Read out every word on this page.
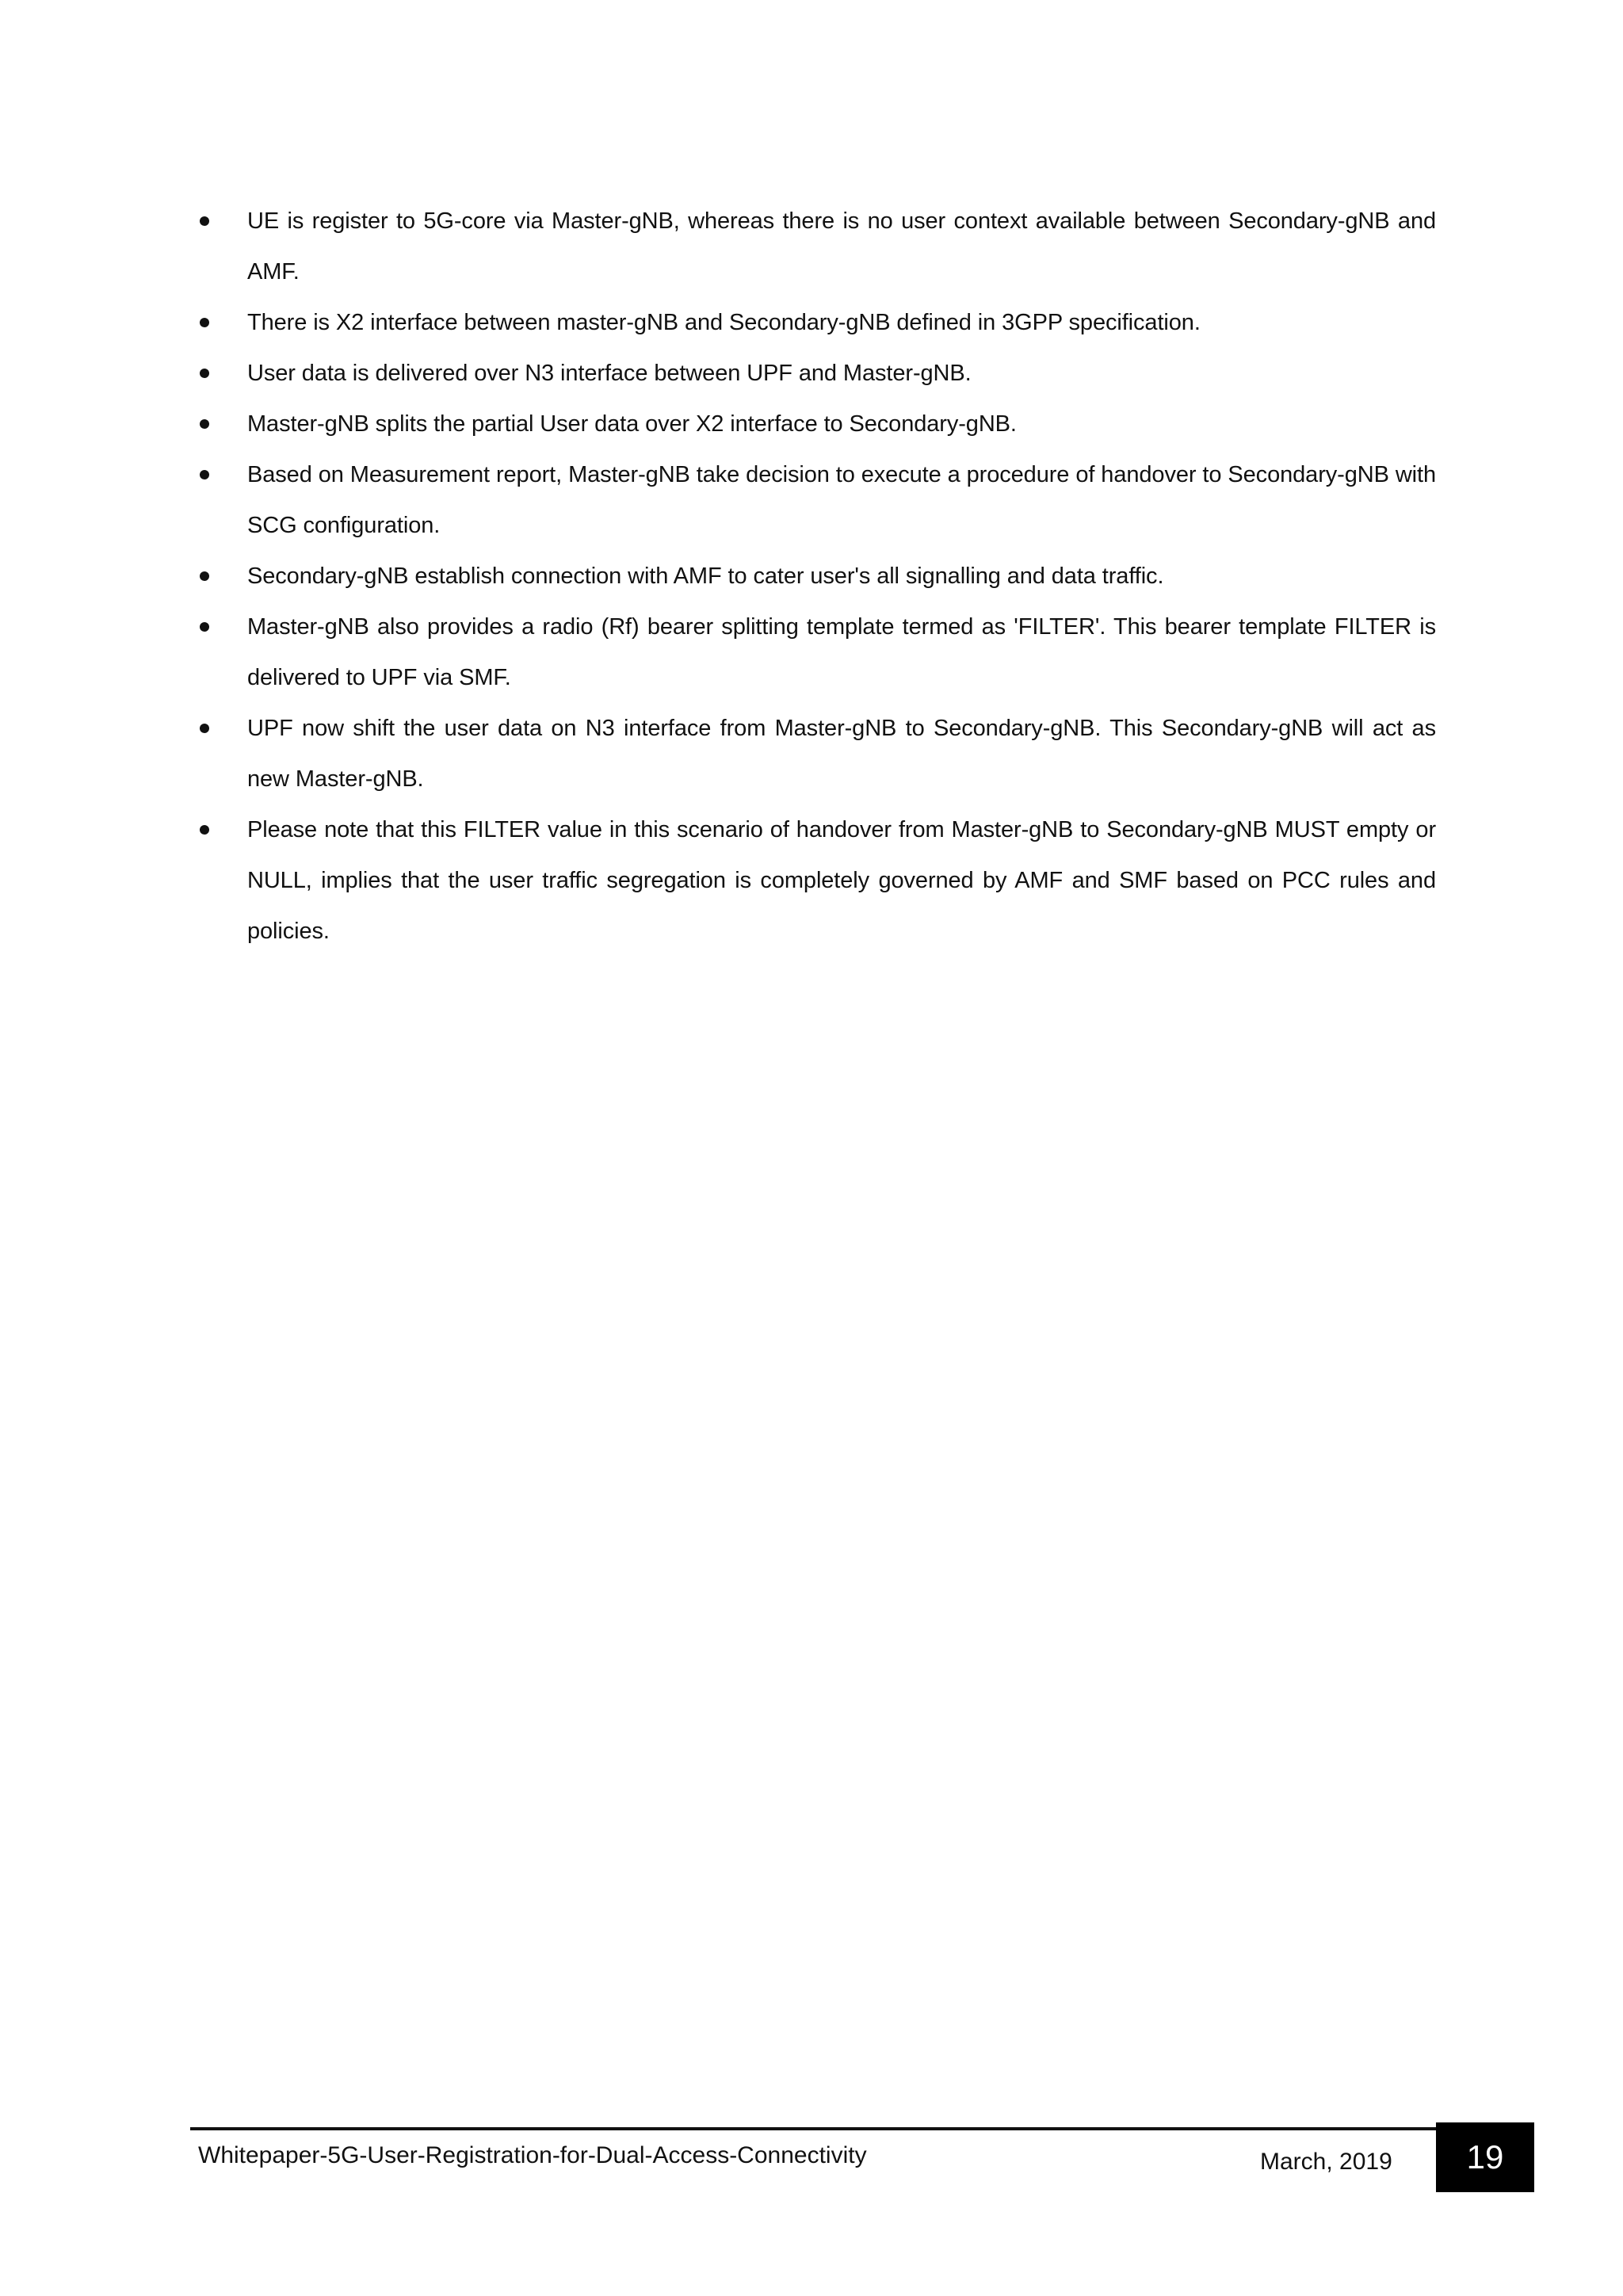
UE is register to 5G-core via Master-gNB, whereas there is no user context available between Secondary-gNB and AMF.
There is X2 interface between master-gNB and Secondary-gNB defined in 3GPP specification.
User data is delivered over N3 interface between UPF and Master-gNB.
Master-gNB splits the partial User data over X2 interface to Secondary-gNB.
Based on Measurement report, Master-gNB take decision to execute a procedure of handover to Secondary-gNB with SCG configuration.
Secondary-gNB establish connection with AMF to cater user's all signalling and data traffic.
Master-gNB also provides a radio (Rf) bearer splitting template termed as 'FILTER'. This bearer template FILTER is delivered to UPF via SMF.
UPF now shift the user data on N3 interface from Master-gNB to Secondary-gNB. This Secondary-gNB will act as new Master-gNB.
Please note that this FILTER value in this scenario of handover from Master-gNB to Secondary-gNB MUST empty or NULL, implies that the user traffic segregation is completely governed by AMF and SMF based on PCC rules and policies.
Whitepaper-5G-User-Registration-for-Dual-Access-Connectivity	March, 2019 19
